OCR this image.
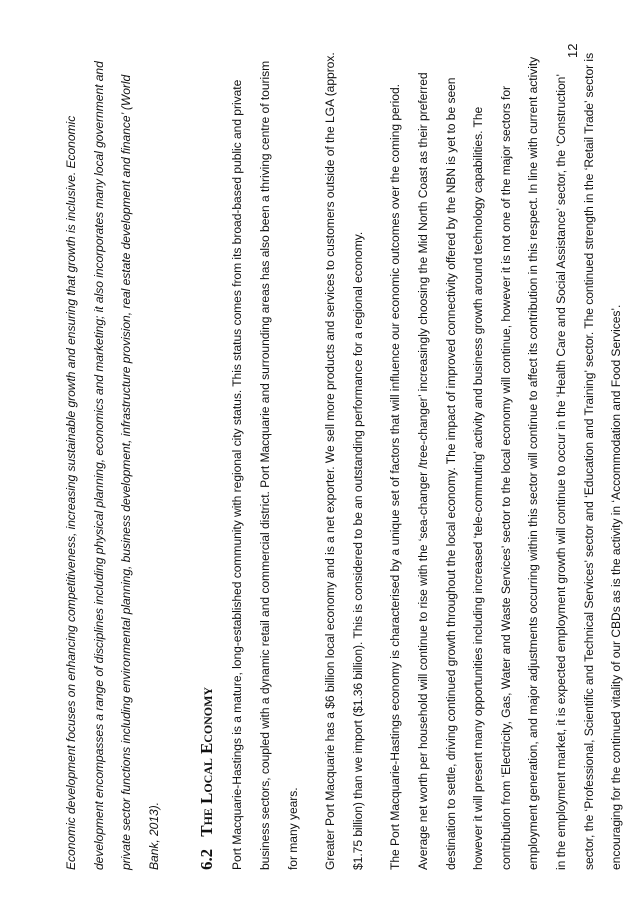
Economic development focuses on enhancing competitiveness, increasing sustainable growth and ensuring that growth is inclusive. Economic development encompasses a range of disciplines including physical planning, economics and marketing; it also incorporates many local government and private sector functions including environmental planning, business development, infrastructure provision, real estate development and finance’ (World Bank, 2013).	6.2 The Local Economy	Port Macquarie-Hastings is a mature, long-established community with regional city status. This status comes from its broad-based public and private business sectors, coupled with a dynamic retail and commercial district. Port Macquarie and surrounding areas has also been a thriving centre of tourism for many years.	Greater Port Macquarie has a $6 billion local economy and is a net exporter. We sell more products and services to customers outside of the LGA (approx. $1.75 billion) than we import ($1.36 billion). This is considered to be an outstanding performance for a regional economy.	The Port Macquarie-Hastings economy is characterised by a unique set of factors that will influence our economic outcomes over the coming period. Average net worth per household will continue to rise with the ‘sea-changer /tree-changer’ increasingly choosing the Mid North Coast as their preferred destination to settle, driving continued growth throughout the local economy. The impact of improved connectivity offered by the NBN is yet to be seen however it will present many opportunities including increased ‘tele-commuting’ activity and business growth around technology capabilities. The contribution from ‘Electricity, Gas, Water and Waste Services’ sector to the local economy will continue, however it is not one of the major sectors for employment generation, and major adjustments occurring within this sector will continue to affect its contribution in this respect. In line with current activity in the employment market, it is expected employment growth will continue to occur in the ‘Health Care and Social Assistance’ sector, the ‘Construction’ sector, the ‘Professional, Scientific and Technical Services’ sector and ‘Education and Training’ sector. The continued strength in the ‘Retail Trade’ sector is encouraging for the continued vitality of our CBDs as is the activity in ‘Accommodation and Food Services’.

12
